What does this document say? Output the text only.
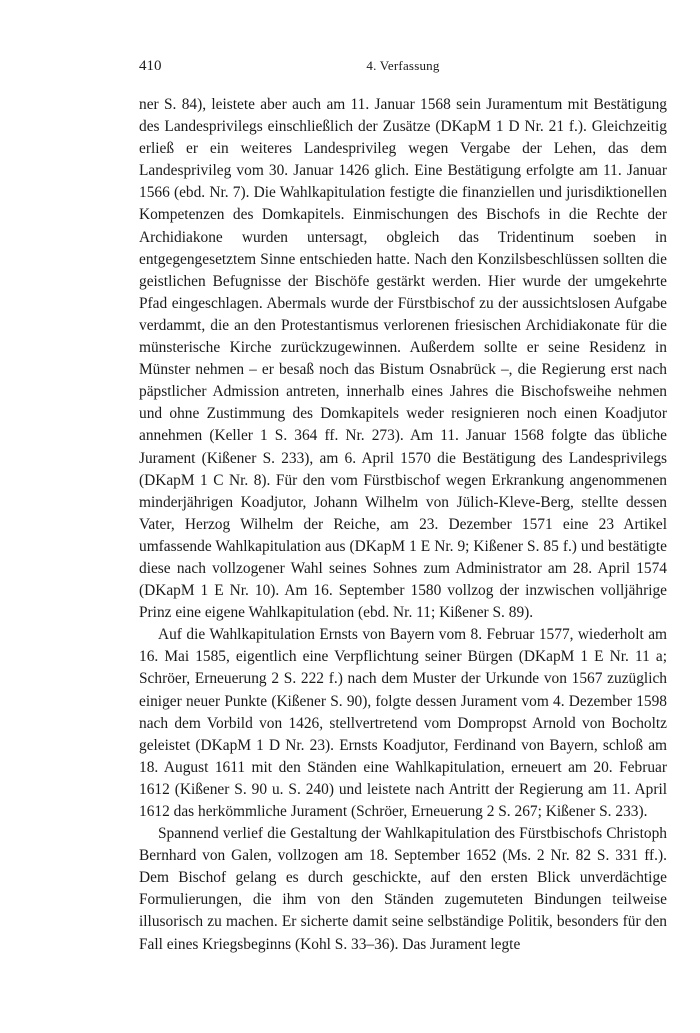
410	4. Verfassung

ner S. 84), leistete aber auch am 11. Januar 1568 sein Juramentum mit Bestätigung des Landesprivilegs einschließlich der Zusätze (DKapM 1 D Nr. 21 f.). Gleichzeitig erließ er ein weiteres Landesprivileg wegen Vergabe der Lehen, das dem Landesprivileg vom 30. Januar 1426 glich. Eine Bestätigung erfolgte am 11. Januar 1566 (ebd. Nr. 7). Die Wahlkapitulation festigte die finanziellen und jurisdiktionellen Kompetenzen des Domkapitels. Einmischungen des Bischofs in die Rechte der Archidiakone wurden untersagt, obgleich das Tridentinum soeben in entgegengesetztem Sinne entschieden hatte. Nach den Konzilsbeschlüssen sollten die geistlichen Befugnisse der Bischöfe gestärkt werden. Hier wurde der umgekehrte Pfad eingeschlagen. Abermals wurde der Fürstbischof zu der aussichtslosen Aufgabe verdammt, die an den Protestantismus verlorenen friesischen Archidiakonate für die münsterische Kirche zurückzugewinnen. Außerdem sollte er seine Residenz in Münster nehmen – er besaß noch das Bistum Osnabrück –, die Regierung erst nach päpstlicher Admission antreten, innerhalb eines Jahres die Bischofsweihe nehmen und ohne Zustimmung des Domkapitels weder resignieren noch einen Koadjutor annehmen (Keller 1 S. 364 ff. Nr. 273). Am 11. Januar 1568 folgte das übliche Jurament (Kißener S. 233), am 6. April 1570 die Bestätigung des Landesprivilegs (DKapM 1 C Nr. 8). Für den vom Fürstbischof wegen Erkrankung angenommenen minderjährigen Koadjutor, Johann Wilhelm von Jülich-Kleve-Berg, stellte dessen Vater, Herzog Wilhelm der Reiche, am 23. Dezember 1571 eine 23 Artikel umfassende Wahlkapitulation aus (DKapM 1 E Nr. 9; Kißener S. 85 f.) und bestätigte diese nach vollzogener Wahl seines Sohnes zum Administrator am 28. April 1574 (DKapM 1 E Nr. 10). Am 16. September 1580 vollzog der inzwischen volljährige Prinz eine eigene Wahlkapitulation (ebd. Nr. 11; Kißener S. 89).

Auf die Wahlkapitulation Ernsts von Bayern vom 8. Februar 1577, wiederholt am 16. Mai 1585, eigentlich eine Verpflichtung seiner Bürgen (DKapM 1 E Nr. 11 a; Schröer, Erneuerung 2 S. 222 f.) nach dem Muster der Urkunde von 1567 zuzüglich einiger neuer Punkte (Kißener S. 90), folgte dessen Jurament vom 4. Dezember 1598 nach dem Vorbild von 1426, stellvertretend vom Dompropst Arnold von Bocholtz geleistet (DKapM 1 D Nr. 23). Ernsts Koadjutor, Ferdinand von Bayern, schloß am 18. August 1611 mit den Ständen eine Wahlkapitulation, erneuert am 20. Februar 1612 (Kißener S. 90 u. S. 240) und leistete nach Antritt der Regierung am 11. April 1612 das herkömmliche Jurament (Schröer, Erneuerung 2 S. 267; Kißener S. 233).

Spannend verlief die Gestaltung der Wahlkapitulation des Fürstbischofs Christoph Bernhard von Galen, vollzogen am 18. September 1652 (Ms. 2 Nr. 82 S. 331 ff.). Dem Bischof gelang es durch geschickte, auf den ersten Blick unverdächtige Formulierungen, die ihm von den Ständen zugemuteten Bindungen teilweise illusorisch zu machen. Er sicherte damit seine selbständige Politik, besonders für den Fall eines Kriegsbeginns (Kohl S. 33–36). Das Jurament legte
